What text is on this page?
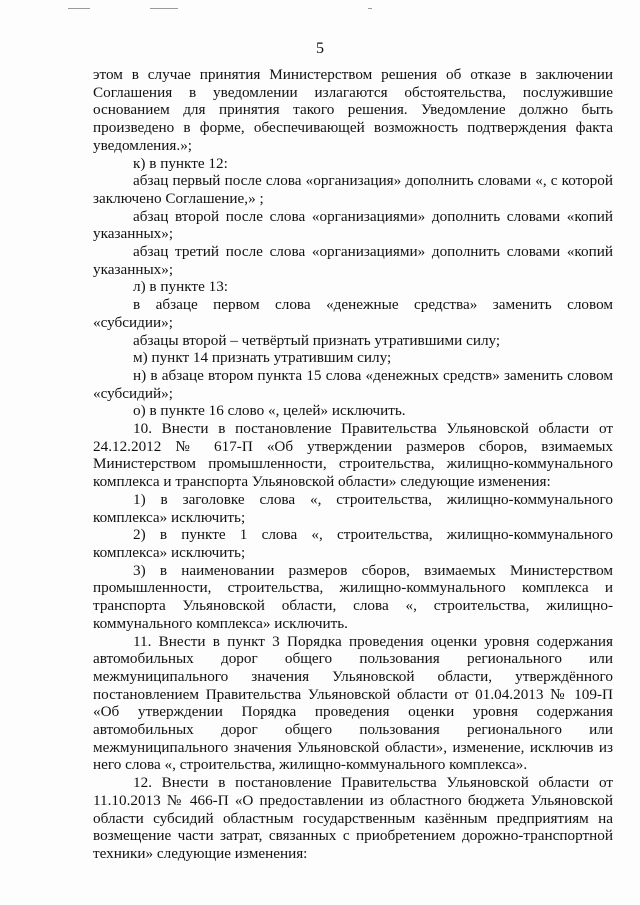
5

этом в случае принятия Министерством решения об отказе в заключении Соглашения в уведомлении излагаются обстоятельства, послужившие основанием для принятия такого решения. Уведомление должно быть произведено в форме, обеспечивающей возможность подтверждения факта уведомления.»;

к) в пункте 12:

абзац первый после слова «организация» дополнить словами «, с которой заключено Соглашение,» ;

абзац второй после слова «организациями» дополнить словами «копий указанных»;

абзац третий после слова «организациями» дополнить словами «копий указанных»;

л) в пункте 13:

в абзаце первом слова «денежные средства» заменить словом «субсидии»;

абзацы второй – четвёртый признать утратившими силу;

м) пункт 14 признать утратившим силу;

н) в абзаце втором пункта 15 слова «денежных средств» заменить словом «субсидий»;

о) в пункте 16 слово «, целей» исключить.

10. Внести в постановление Правительства Ульяновской области от 24.12.2012 № 617-П «Об утверждении размеров сборов, взимаемых Министерством промышленности, строительства, жилищно-коммунального комплекса и транспорта Ульяновской области» следующие изменения:

1) в заголовке слова «, строительства, жилищно-коммунального комплекса» исключить;

2) в пункте 1 слова «, строительства, жилищно-коммунального комплекса» исключить;

3) в наименовании размеров сборов, взимаемых Министерством промышленности, строительства, жилищно-коммунального комплекса и транспорта Ульяновской области, слова «, строительства, жилищно-коммунального комплекса» исключить.

11. Внести в пункт 3 Порядка проведения оценки уровня содержания автомобильных дорог общего пользования регионального или межмуниципального значения Ульяновской области, утверждённого постановлением Правительства Ульяновской области от 01.04.2013 № 109-П «Об утверждении Порядка проведения оценки уровня содержания автомобильных дорог общего пользования регионального или межмуниципального значения Ульяновской области», изменение, исключив из него слова «, строительства, жилищно-коммунального комплекса».

12. Внести в постановление Правительства Ульяновской области от 11.10.2013 № 466-П «О предоставлении из областного бюджета Ульяновской области субсидий областным государственным казённым предприятиям на возмещение части затрат, связанных с приобретением дорожно-транспортной техники» следующие изменения:
